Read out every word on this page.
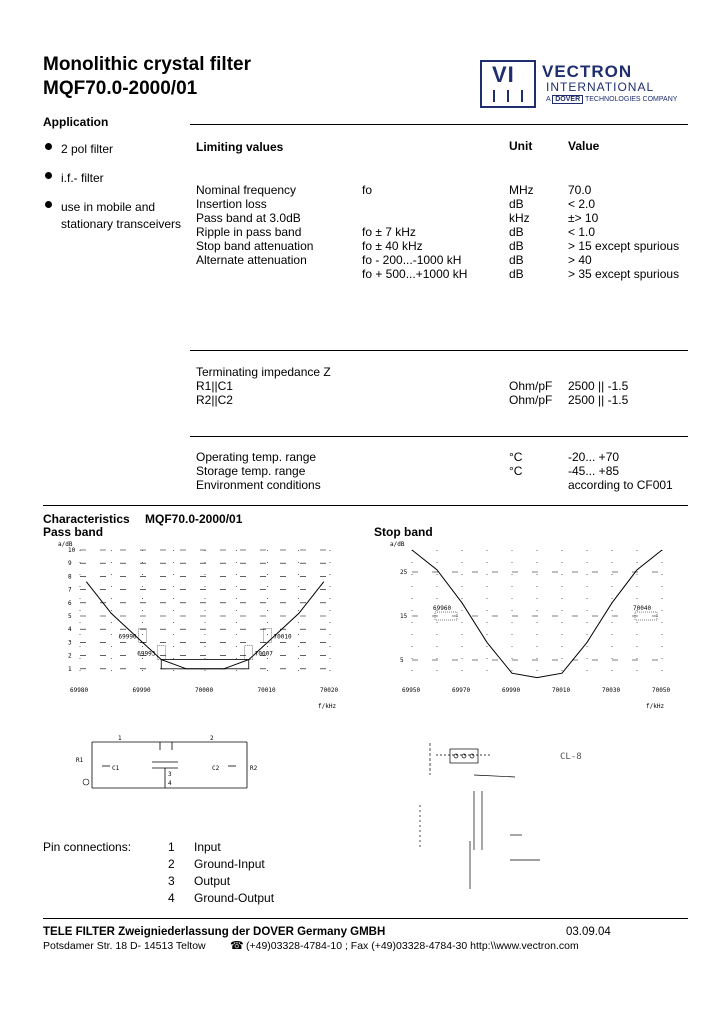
Monolithic crystal filter
MQF70.0-2000/01
VI VECTRON
INTERNATIONAL
A DOVER TECHNOLOGIES COMPANY
Application
2 pol filter
i.f.- filter
use in mobile and
stationary transceivers
Limiting values	Unit	Value
Nominal frequency	fo	MHz	70.0
Insertion loss	dB	< 2.0
Pass band at 3.0dB	kHz	±> 10
Ripple in pass band	fo ± 7 kHz	dB	< 1.0
Stop band attenuation	fo ± 40 kHz	dB	> 15 except spurious
Alternate attenuation	fo - 200...-1000 kH	dB	> 40
fo + 500...+1000 kH	dB	> 35 except spurious
Terminating impedance Z
R1||C1	Ohm/pF 2500 || -1.5
R2||C2	Ohm/pF 2500 || -1.5
Operating temp. range	°C	-20... +70
Storage temp. range	°C	-45... +85
Environment conditions	according to CF001
Characteristics MQF70.0-2000/01
Pass band	Stop band
69980	69990	70000	70010	70020
1
2
3
4
5
6
7
8
9
10
69990	70010
69993	70007
a/dB
f/kHz
69950	69970	69990	70010	70030	70050
5
15
25
69960	70040
a/dB
f/kHz
R1
C1	C2	R2
1	2
3
4
CL-8
Pin connections:	1 Input
2 Ground-Input
3 Output
4 Ground-Output
TELE FILTER Zweigniederlassung der DOVER Germany GMBH	03.09.04
Potsdamer Str. 18 D- 14513 Teltow ☎ (+49)03328-4784-10 ; Fax (+49)03328-4784-30 http:\\www.vectron.com
